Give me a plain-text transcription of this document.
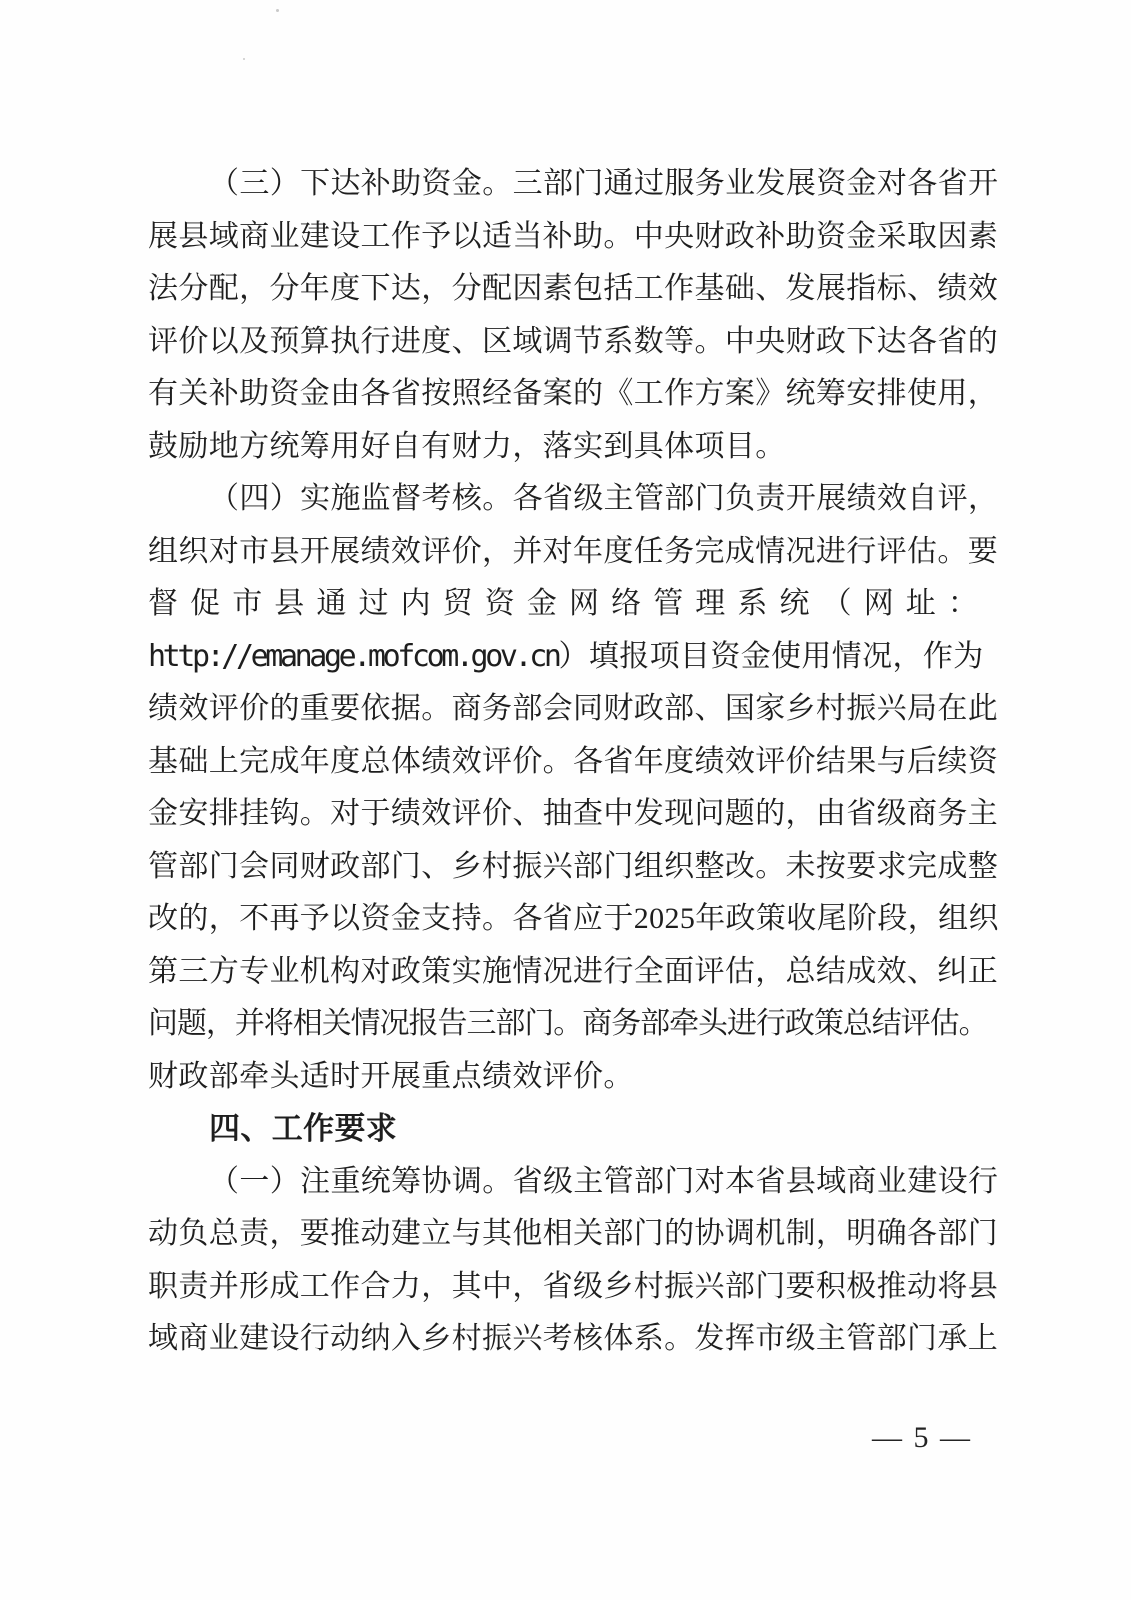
（三）下达补助资金。三部门通过服务业发展资金对各省开
展县域商业建设工作予以适当补助。中央财政补助资金采取因素
法分配，分年度下达，分配因素包括工作基础、发展指标、绩效
评价以及预算执行进度、区域调节系数等。中央财政下达各省的
有关补助资金由各省按照经备案的《工作方案》统筹安排使用，
鼓励地方统筹用好自有财力，落实到具体项目。
（四）实施监督考核。各省级主管部门负责开展绩效自评，
组织对市县开展绩效评价，并对年度任务完成情况进行评估。要
督促市县通过内贸资金网络管理系统（网址：
http://emanage.mofcom.gov.cn）填报项目资金使用情况，作为
绩效评价的重要依据。商务部会同财政部、国家乡村振兴局在此
基础上完成年度总体绩效评价。各省年度绩效评价结果与后续资
金安排挂钩。对于绩效评价、抽查中发现问题的，由省级商务主
管部门会同财政部门、乡村振兴部门组织整改。未按要求完成整
改的，不再予以资金支持。各省应于2025年政策收尾阶段，组织
第三方专业机构对政策实施情况进行全面评估，总结成效、纠正
问题，并将相关情况报告三部门。商务部牵头进行政策总结评估。
财政部牵头适时开展重点绩效评价。
四、工作要求
（一）注重统筹协调。省级主管部门对本省县域商业建设行
动负总责，要推动建立与其他相关部门的协调机制，明确各部门
职责并形成工作合力，其中，省级乡村振兴部门要积极推动将县
域商业建设行动纳入乡村振兴考核体系。发挥市级主管部门承上
— 5 —
